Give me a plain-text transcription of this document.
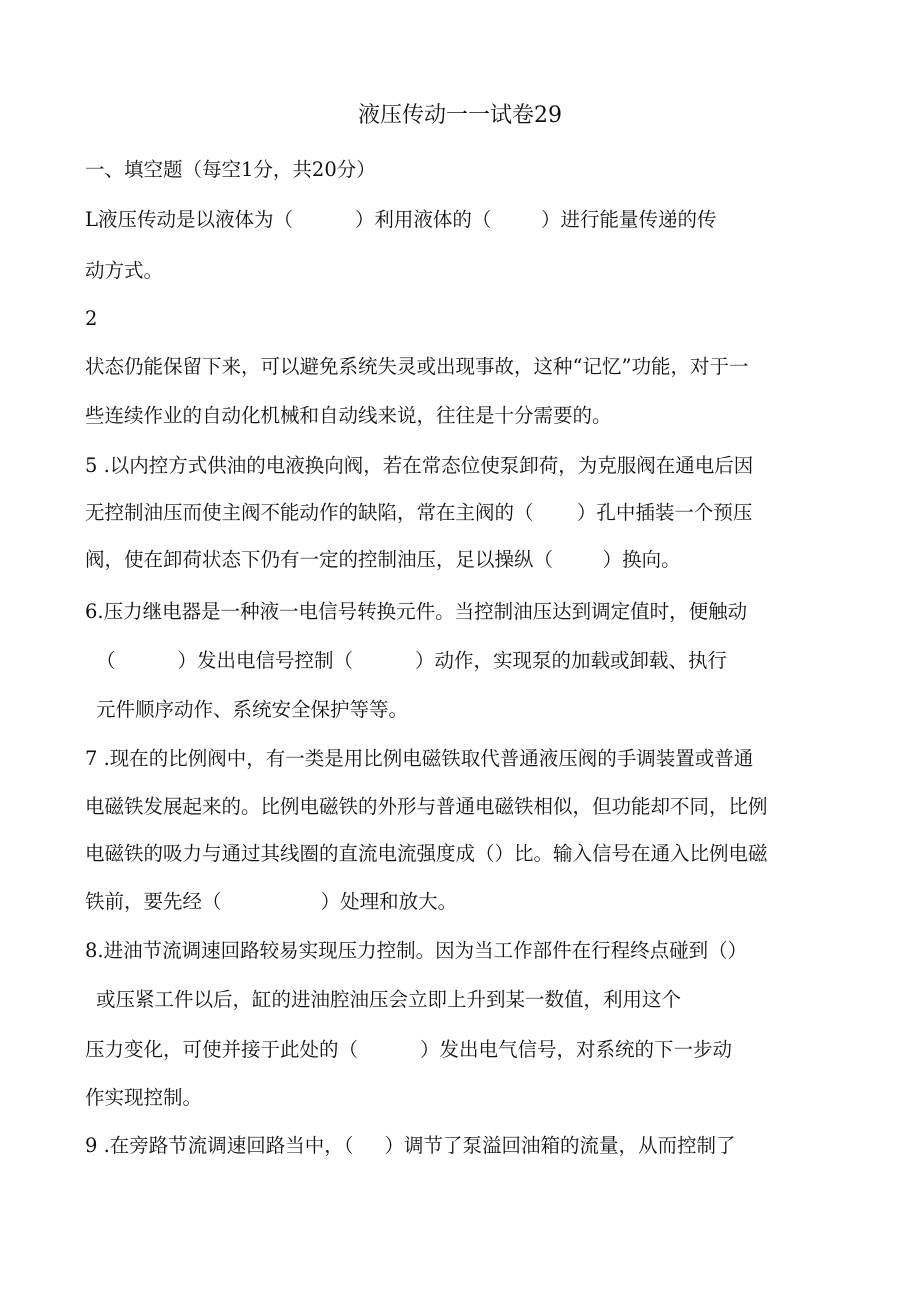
液压传动一一试卷29
一、填空题（每空1分，共20分）
L液压传动是以液体为（          ）利用液体的（        ）进行能量传递的传
动方式。
2
状态仍能保留下来，可以避免系统失灵或出现事故，这种“记忆”功能，对于一
些连续作业的自动化机械和自动线来说，往往是十分需要的。
5 .以内控方式供油的电液换向阀，若在常态位使泵卸荷，为克服阀在通电后因
无控制油压而使主阀不能动作的缺陷，常在主阀的（       ）孔中插装一个预压
阀，使在卸荷状态下仍有一定的控制油压，足以操纵（        ）换向。
6.压力继电器是一种液一电信号转换元件。当控制油压达到调定值时，便触动
（          ）发出电信号控制（          ）动作，实现泵的加载或卸载、执行
元件顺序动作、系统安全保护等等。
7 .现在的比例阀中，有一类是用比例电磁铁取代普通液压阀的手调装置或普通
电磁铁发展起来的。比例电磁铁的外形与普通电磁铁相似，但功能却不同，比例
电磁铁的吸力与通过其线圈的直流电流强度成（）比。输入信号在通入比例电磁
铁前，要先经（                ）处理和放大。
8.进油节流调速回路较易实现压力控制。因为当工作部件在行程终点碰到（）
或压紧工件以后，缸的进油腔油压会立即上升到某一数值，利用这个
压力变化，可使并接于此处的（          ）发出电气信号，对系统的下一步动
作实现控制。
9 .在旁路节流调速回路当中，（     ）调节了泵溢回油箱的流量，从而控制了
